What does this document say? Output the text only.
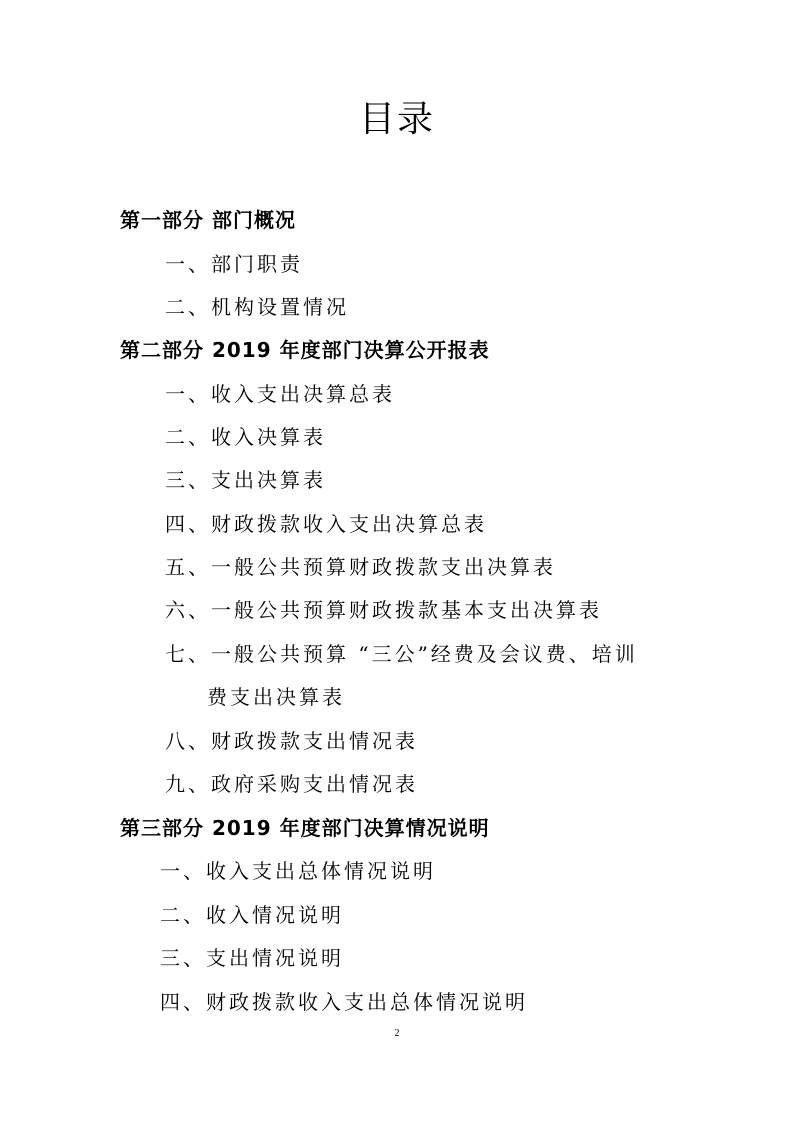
目录
第一部分 部门概况
一、部门职责
二、机构设置情况
第二部分 2019 年度部门决算公开报表
一、收入支出决算总表
二、收入决算表
三、支出决算表
四、财政拨款收入支出决算总表
五、一般公共预算财政拨款支出决算表
六、一般公共预算财政拨款基本支出决算表
七、一般公共预算 “三公”经费及会议费、培训
费支出决算表
八、财政拨款支出情况表
九、政府采购支出情况表
第三部分 2019 年度部门决算情况说明
一、收入支出总体情况说明
二、收入情况说明
三、支出情况说明
四、财政拨款收入支出总体情况说明
2
